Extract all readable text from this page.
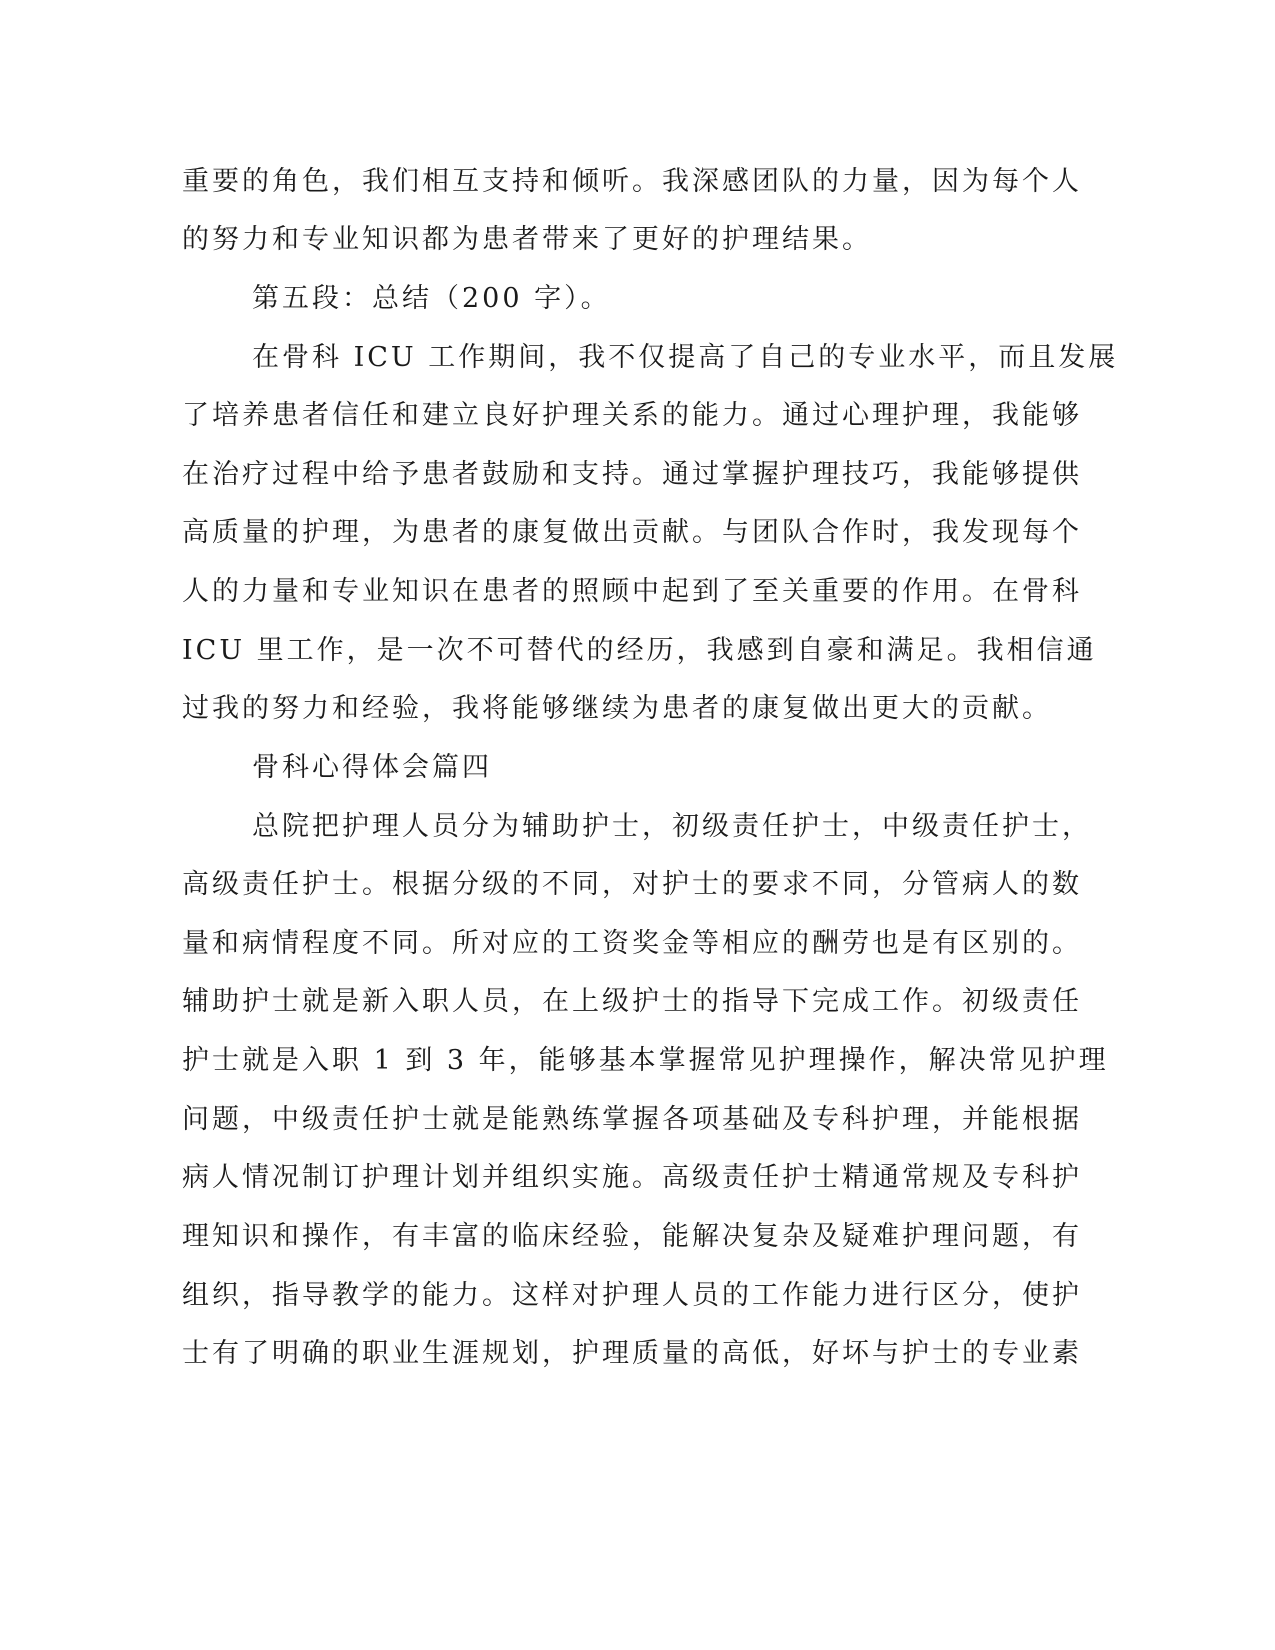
重要的角色，我们相互支持和倾听。我深感团队的力量，因为每个人
的努力和专业知识都为患者带来了更好的护理结果。
第五段：总结（200 字）。
在骨科 ICU 工作期间，我不仅提高了自己的专业水平，而且发展
了培养患者信任和建立良好护理关系的能力。通过心理护理，我能够
在治疗过程中给予患者鼓励和支持。通过掌握护理技巧，我能够提供
高质量的护理，为患者的康复做出贡献。与团队合作时，我发现每个
人的力量和专业知识在患者的照顾中起到了至关重要的作用。在骨科
ICU 里工作，是一次不可替代的经历，我感到自豪和满足。我相信通
过我的努力和经验，我将能够继续为患者的康复做出更大的贡献。
骨科心得体会篇四
总院把护理人员分为辅助护士，初级责任护士，中级责任护士，
高级责任护士。根据分级的不同，对护士的要求不同，分管病人的数
量和病情程度不同。所对应的工资奖金等相应的酬劳也是有区别的。
辅助护士就是新入职人员，在上级护士的指导下完成工作。初级责任
护士就是入职 1 到 3 年，能够基本掌握常见护理操作，解决常见护理
问题，中级责任护士就是能熟练掌握各项基础及专科护理，并能根据
病人情况制订护理计划并组织实施。高级责任护士精通常规及专科护
理知识和操作，有丰富的临床经验，能解决复杂及疑难护理问题，有
组织，指导教学的能力。这样对护理人员的工作能力进行区分，使护
士有了明确的职业生涯规划，护理质量的高低，好坏与护士的专业素
